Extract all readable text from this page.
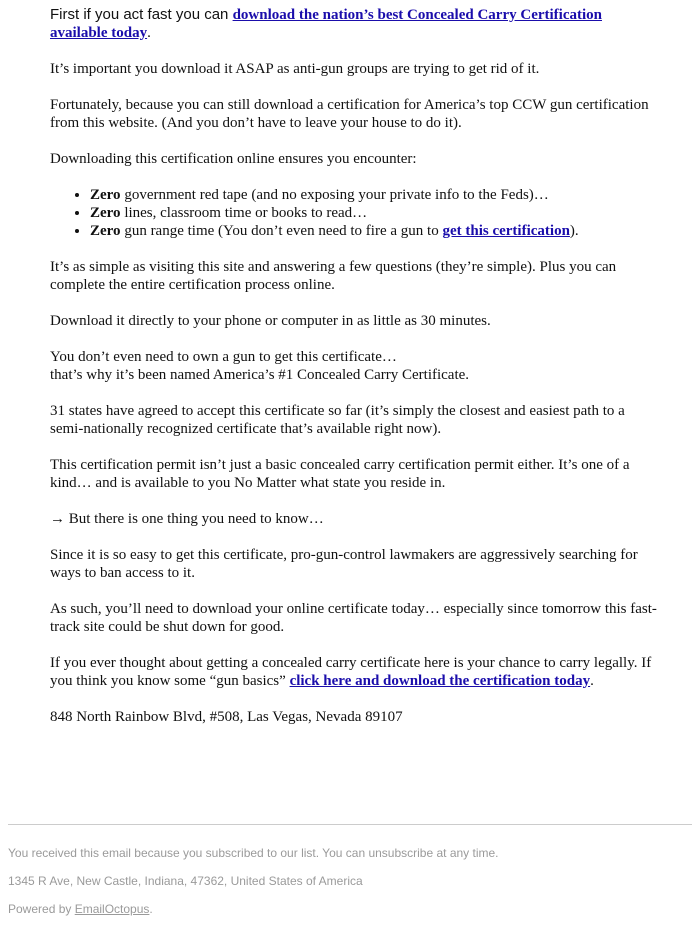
First if you act fast you can download the nation’s best Concealed Carry Certification available today.

It’s important you download it ASAP as anti-gun groups are trying to get rid of it.

Fortunately, because you can still download a certification for America’s top CCW gun certification from this website. (And you don’t have to leave your house to do it).

Downloading this certification online ensures you encounter:

• Zero government red tape (and no exposing your private info to the Feds)…
• Zero lines, classroom time or books to read…
• Zero gun range time (You don’t even need to fire a gun to get this certification).

It’s as simple as visiting this site and answering a few questions (they’re simple). Plus you can complete the entire certification process online.

Download it directly to your phone or computer in as little as 30 minutes.

You don’t even need to own a gun to get this certificate…
that’s why it’s been named America’s #1 Concealed Carry Certificate.

31 states have agreed to accept this certificate so far (it’s simply the closest and easiest path to a semi-nationally recognized certificate that’s available right now).

This certification permit isn’t just a basic concealed carry certification permit either. It’s one of a kind… and is available to you No Matter what state you reside in.

→ But there is one thing you need to know…

Since it is so easy to get this certificate, pro-gun-control lawmakers are aggressively searching for ways to ban access to it.

As such, you’ll need to download your online certificate today… especially since tomorrow this fast-track site could be shut down for good.

If you ever thought about getting a concealed carry certificate here is your chance to carry legally. If you think you know some “gun basics” click here and download the certification today.

848 North Rainbow Blvd, #508, Las Vegas, Nevada 89107

You received this email because you subscribed to our list. You can unsubscribe at any time.
1345 R Ave, New Castle, Indiana, 47362, United States of America
Powered by EmailOctopus.
